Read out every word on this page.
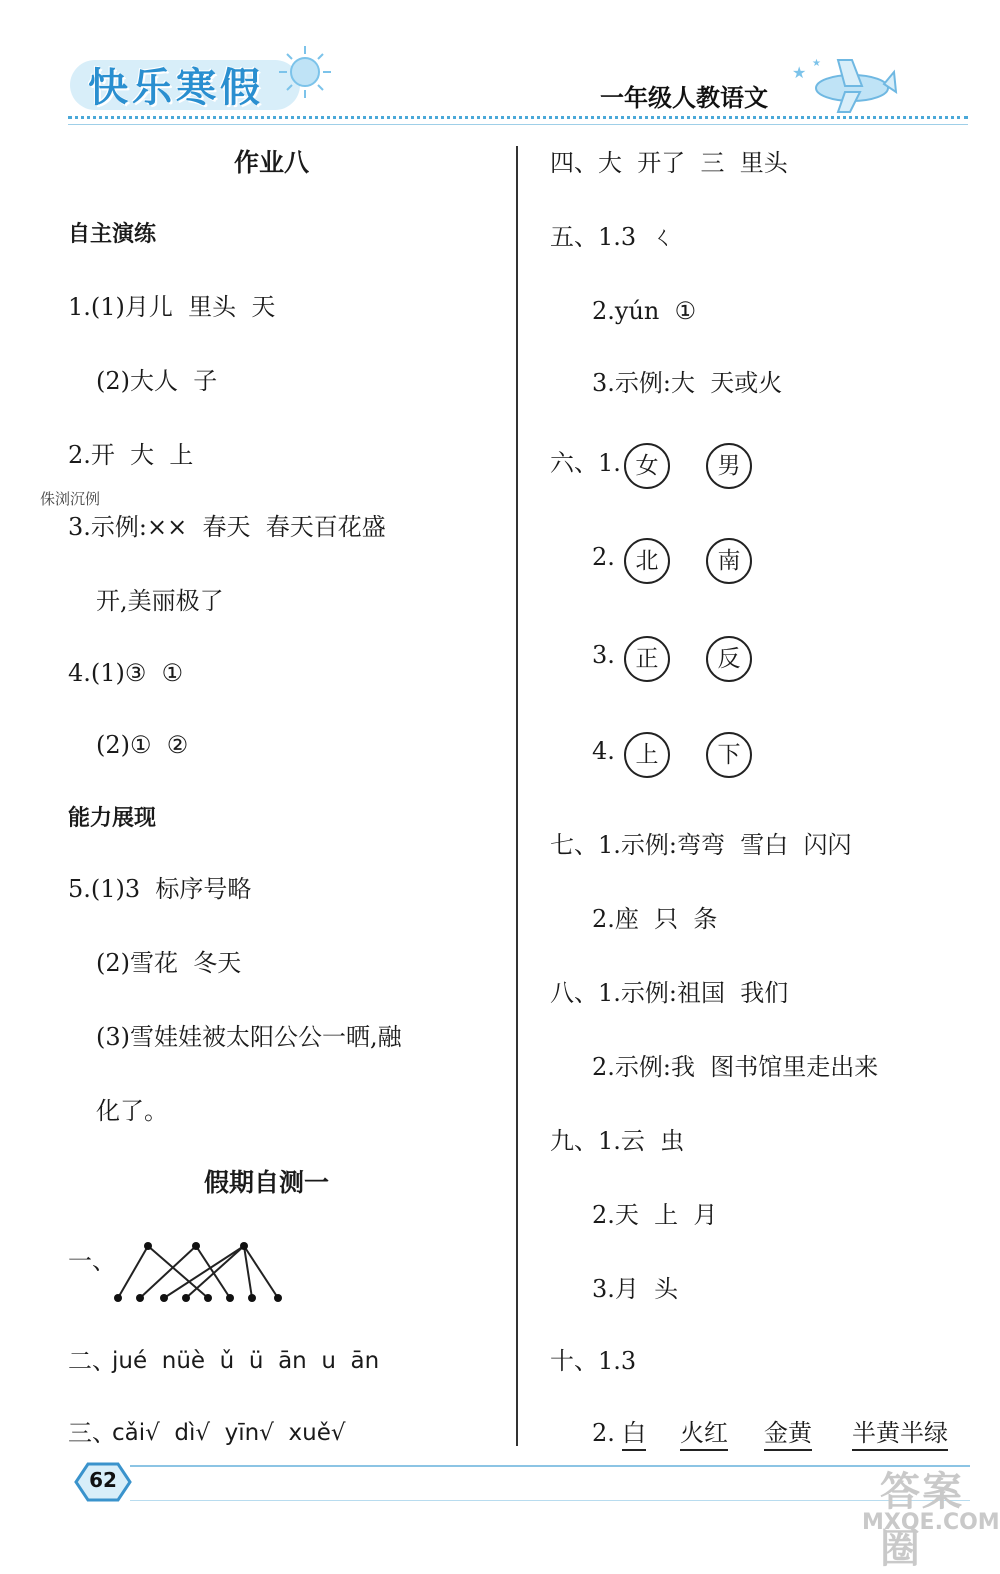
快乐寒假	一年级人教语文
★ ★
作业八
自主演练
1.(1)月儿  里头  天
(2)大人  子
2.开  大  上
侏浏沉例
3.示例:××  春天  春天百花盛
开,美丽极了
4.(1)③  ①
(2)①  ②
能力展现
5.(1)3  标序号略
(2)雪花  冬天
(3)雪娃娃被太阳公公一晒,融
化了。
假期自测一
一、
二、
jué  nüè  ǔ  ü  ān  u  ān
三、
cǎi√  dì√  yīn√  xuě√
四、大  开了  三  里头
五、1.3  ㄑ
2.yún  ①
3.示例:大  天或火
六、1. 女	男
2. 北	南
3. 正	反
4. 上	下
七、1.示例:弯弯  雪白  闪闪
2.座  只  条
八、1.示例:祖国  我们
2.示例:我  图书馆里走出来
九、1.云  虫
2.天  上  月
3.月  头
十、1.3
2. 白 火红 金黄 半黄半绿
62	答案圈
MXQE.COM
